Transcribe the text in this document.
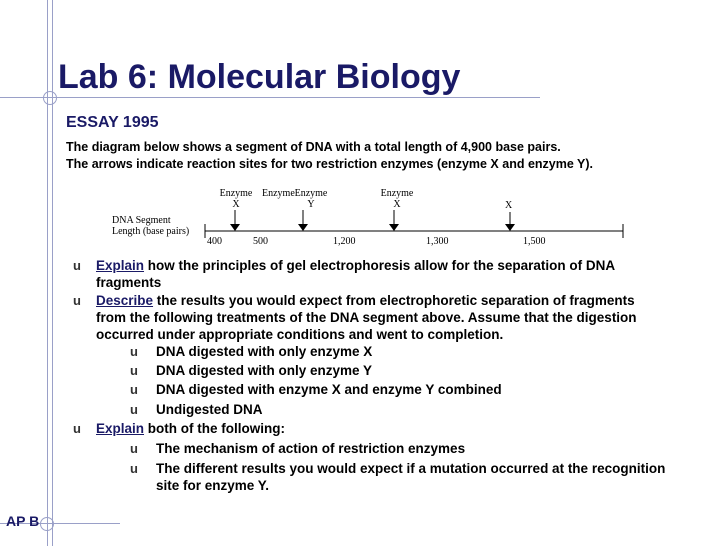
Lab 6: Molecular Biology
ESSAY 1995
The diagram below shows a segment of DNA with a total length of 4,900 base pairs.
The arrows indicate reaction sites for two restriction enzymes (enzyme X and enzyme Y).
Enzyme
X
Enzyme Enzyme
Y
Enzyme
X	X
DNA Segment
Length (base pairs)
400	500	1,200	1,300	1,500
u Explain how the principles of gel electrophoresis allow for the separation of DNA
fragments
u Describe the results you would expect from electrophoretic separation of fragments
from the following treatments of the DNA segment above. Assume that the digestion
occurred under appropriate conditions and went to completion.
u DNA digested with only enzyme X
u DNA digested with only enzyme Y
u DNA digested with enzyme X and enzyme Y combined
u Undigested DNA
u Explain both of the following:
u The mechanism of action of restriction enzymes
u The different results you would expect if a mutation occurred at the recognition
site for enzyme Y.
AP B
